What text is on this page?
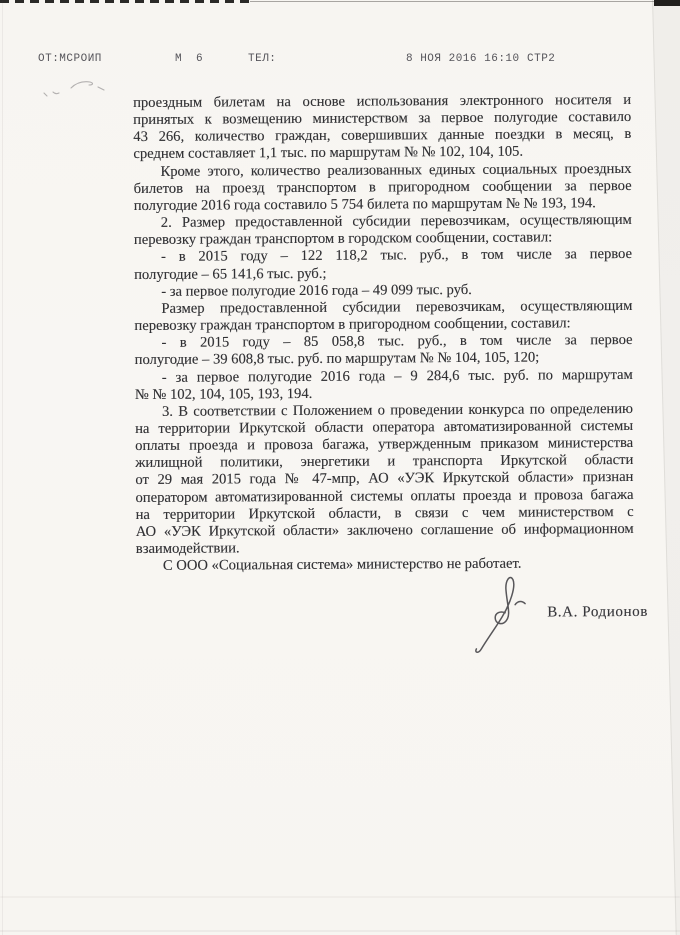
ОТ:МСРОИП	М 6	ТЕЛ:	8 НОЯ 2016 16:10 СТР2
проездным билетам на основе использования электронного носителя и
принятых к возмещению министерством за первое полугодие составило
43 266, количество граждан, совершивших данные поездки в месяц, в
среднем составляет 1,1 тыс. по маршрутам № № 102, 104, 105.
Кроме этого, количество реализованных единых социальных проездных
билетов на проезд транспортом в пригородном сообщении за первое
полугодие 2016 года составило 5 754 билета по маршрутам № № 193, 194.
2. Размер предоставленной субсидии перевозчикам, осуществляющим
перевозку граждан транспортом в городском сообщении, составил:
- в 2015 году – 122 118,2 тыс. руб., в том числе за первое
полугодие – 65 141,6 тыс. руб.;
- за первое полугодие 2016 года – 49 099 тыс. руб.
Размер предоставленной субсидии перевозчикам, осуществляющим
перевозку граждан транспортом в пригородном сообщении, составил:
- в 2015 году – 85 058,8 тыс. руб., в том числе за первое
полугодие – 39 608,8 тыс. руб. по маршрутам № № 104, 105, 120;
- за первое полугодие 2016 года – 9 284,6 тыс. руб. по маршрутам
№ № 102, 104, 105, 193, 194.
3. В соответствии с Положением о проведении конкурса по определению
на территории Иркутской области оператора автоматизированной системы
оплаты проезда и провоза багажа, утвержденным приказом министерства
жилищной политики, энергетики и транспорта Иркутской области
от 29 мая 2015 года № 47-мпр, АО «УЭК Иркутской области» признан
оператором автоматизированной системы оплаты проезда и провоза багажа
на территории Иркутской области, в связи с чем министерством с
АО «УЭК Иркутской области» заключено соглашение об информационном
взаимодействии.
С ООО «Социальная система» министерство не работает.
В.А. Родионов
